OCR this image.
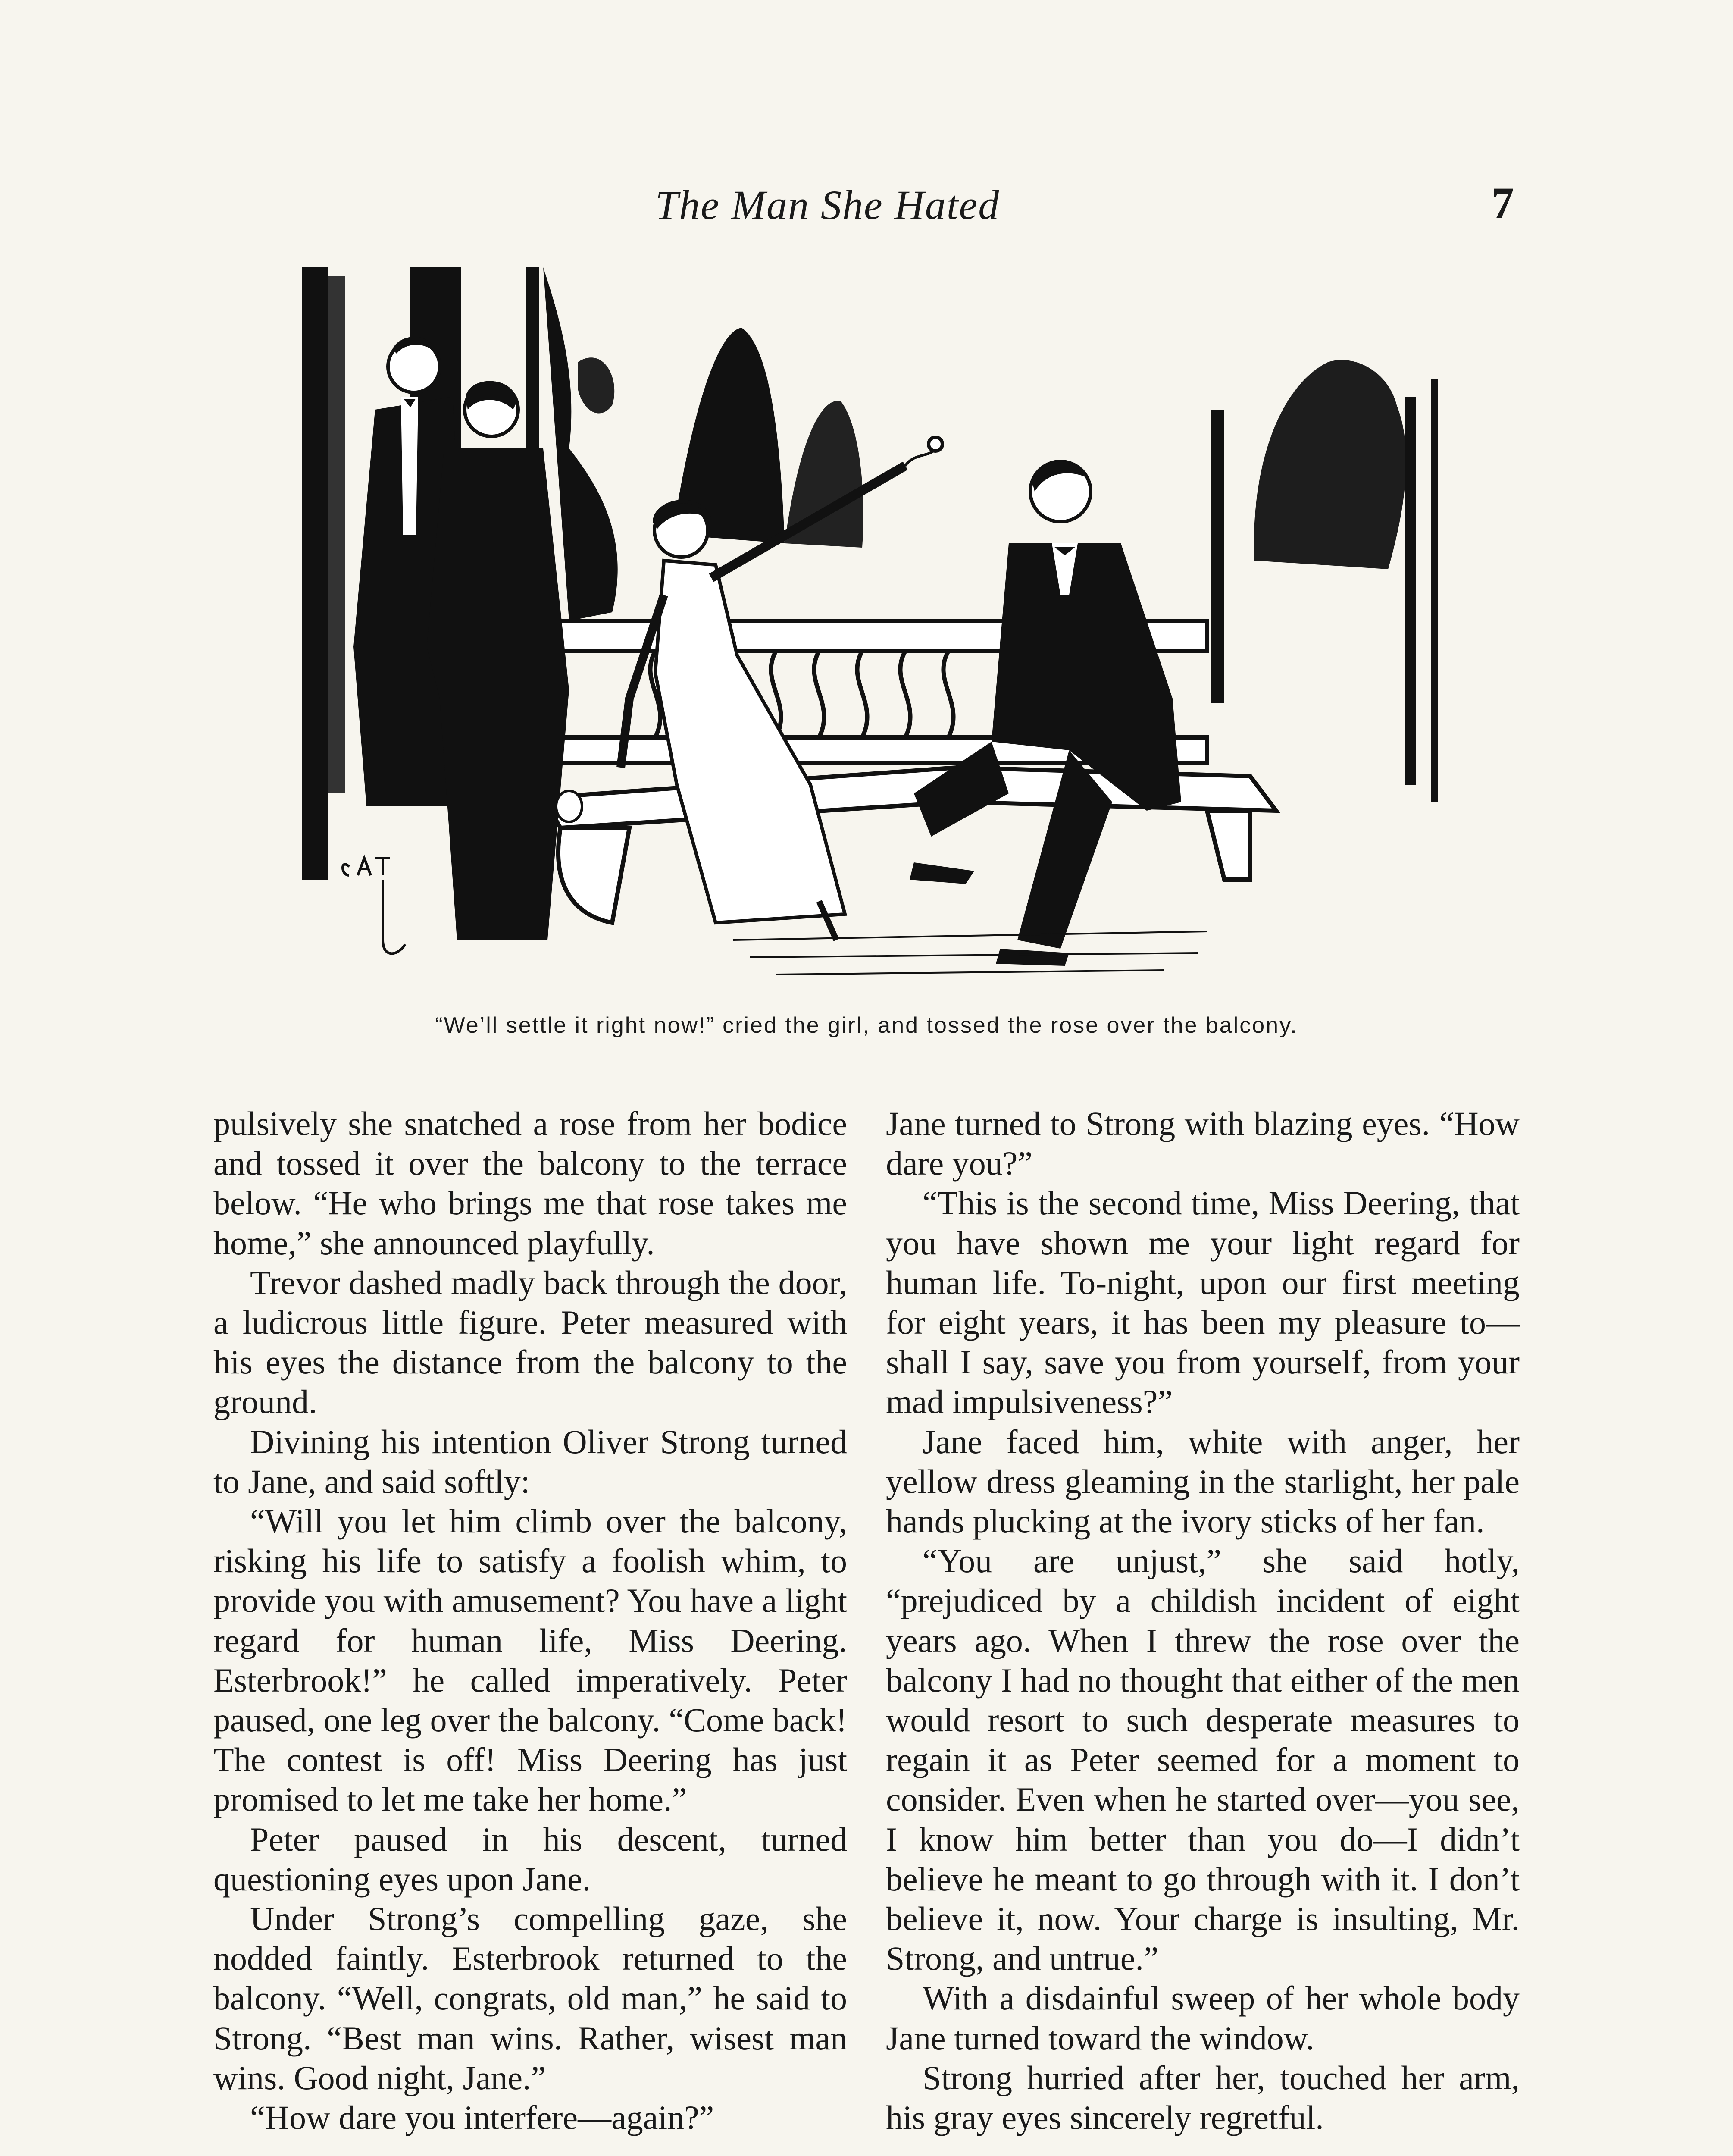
The Man She Hated	7
“We’ll settle it right now!” cried the girl, and tossed the rose over the balcony.

pulsively she snatched a rose from her bodice and tossed it over the balcony to the terrace below. “He who brings me that rose takes me home,” she announced playfully.

Trevor dashed madly back through the door, a ludicrous little figure. Peter measured with his eyes the distance from the balcony to the ground.

Divining his intention Oliver Strong turned to Jane, and said softly:

“Will you let him climb over the balcony, risking his life to satisfy a foolish whim, to provide you with amusement? You have a light regard for human life, Miss Deering. Esterbrook!” he called imperatively. Peter paused, one leg over the balcony. “Come back! The contest is off! Miss Deering has just promised to let me take her home.”

Peter paused in his descent, turned questioning eyes upon Jane.

Under Strong’s compelling gaze, she nodded faintly. Esterbrook returned to the balcony. “Well, congrats, old man,” he said to Strong. “Best man wins. Rather, wisest man wins. Good night, Jane.”

“How dare you interfere—again?”

Jane turned to Strong with blazing eyes. “How dare you?”

“This is the second time, Miss Deering, that you have shown me your light regard for human life. To-night, upon our first meeting for eight years, it has been my pleasure to—shall I say, save you from yourself, from your mad impulsiveness?”

Jane faced him, white with anger, her yellow dress gleaming in the starlight, her pale hands plucking at the ivory sticks of her fan.

“You are unjust,” she said hotly, “prejudiced by a childish incident of eight years ago. When I threw the rose over the balcony I had no thought that either of the men would resort to such desperate measures to regain it as Peter seemed for a moment to consider. Even when he started over—you see, I know him better than you do—I didn’t believe he meant to go through with it. I don’t believe it, now. Your charge is insulting, Mr. Strong, and untrue.”

With a disdainful sweep of her whole body Jane turned toward the window.

Strong hurried after her, touched her arm, his gray eyes sincerely regretful.
